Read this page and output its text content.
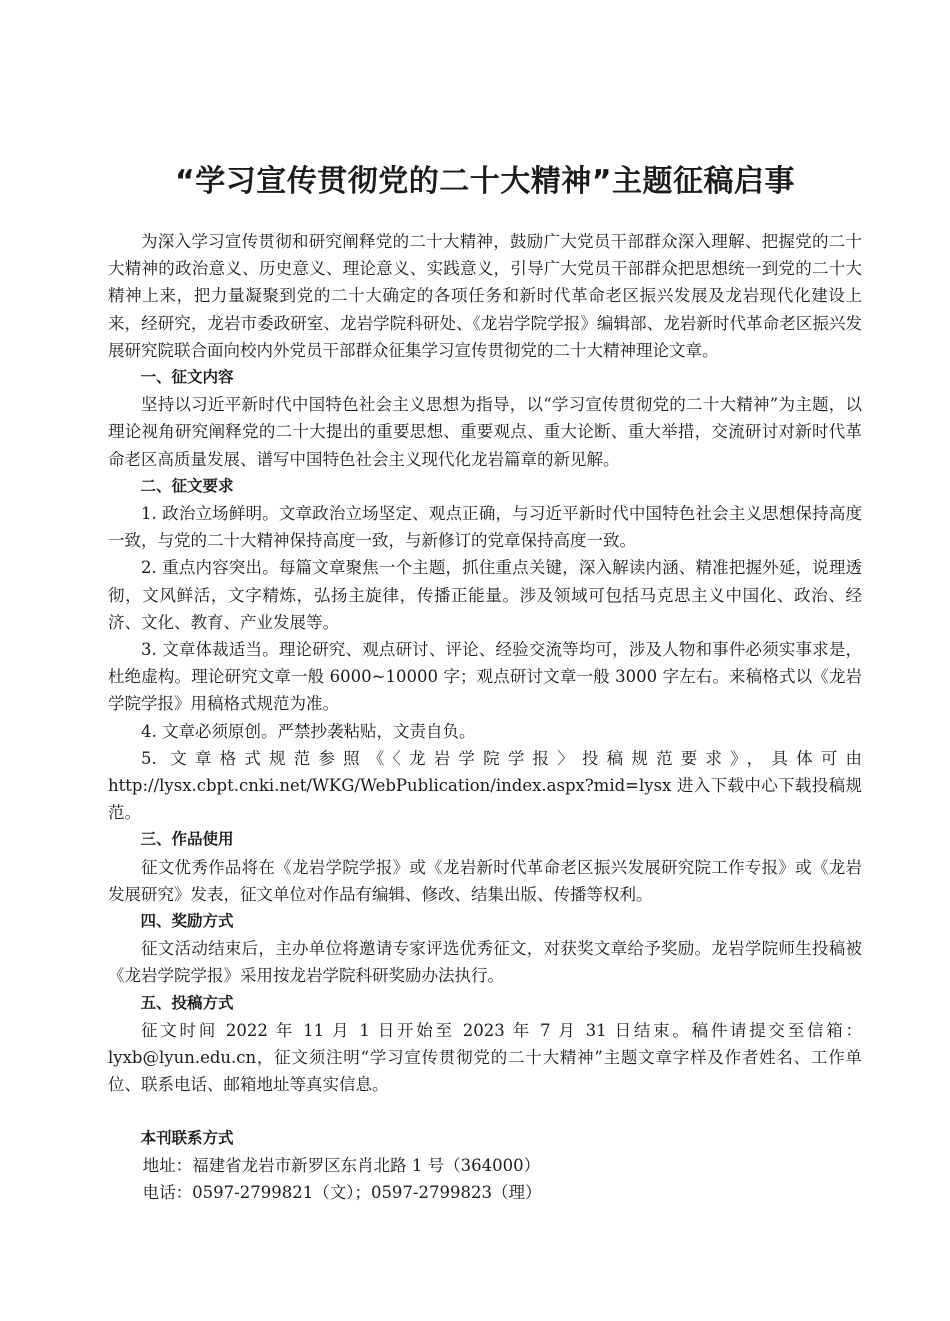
“学习宣传贯彻党的二十大精神”主题征稿启事

为深入学习宣传贯彻和研究阐释党的二十大精神，鼓励广大党员干部群众深入理解、把握党的二十大精神的政治意义、历史意义、理论意义、实践意义，引导广大党员干部群众把思想统一到党的二十大精神上来，把力量凝聚到党的二十大确定的各项任务和新时代革命老区振兴发展及龙岩现代化建设上来，经研究，龙岩市委政研室、龙岩学院科研处、《龙岩学院学报》编辑部、龙岩新时代革命老区振兴发展研究院联合面向校内外党员干部群众征集学习宣传贯彻党的二十大精神理论文章。

一、征文内容

坚持以习近平新时代中国特色社会主义思想为指导，以“学习宣传贯彻党的二十大精神”为主题，以理论视角研究阐释党的二十大提出的重要思想、重要观点、重大论断、重大举措，交流研讨对新时代革命老区高质量发展、谱写中国特色社会主义现代化龙岩篇章的新见解。

二、征文要求

1. 政治立场鲜明。文章政治立场坚定、观点正确，与习近平新时代中国特色社会主义思想保持高度一致，与党的二十大精神保持高度一致，与新修订的党章保持高度一致。

2. 重点内容突出。每篇文章聚焦一个主题，抓住重点关键，深入解读内涵、精准把握外延，说理透彻，文风鲜活，文字精炼，弘扬主旋律，传播正能量。涉及领域可包括马克思主义中国化、政治、经济、文化、教育、产业发展等。

3. 文章体裁适当。理论研究、观点研讨、评论、经验交流等均可，涉及人物和事件必须实事求是，杜绝虚构。理论研究文章一般 6000~10000 字；观点研讨文章一般 3000 字左右。来稿格式以《龙岩学院学报》用稿格式规范为准。

4. 文章必须原创。严禁抄袭粘贴，文责自负。

5. 文章格式规范参照《〈龙岩学院学报〉投稿规范要求》，具体可由 http://lysx.cbpt.cnki.net/WKG/WebPublication/index.aspx?mid=lysx 进入下载中心下载投稿规范。

三、作品使用

征文优秀作品将在《龙岩学院学报》或《龙岩新时代革命老区振兴发展研究院工作专报》或《龙岩发展研究》发表，征文单位对作品有编辑、修改、结集出版、传播等权利。

四、奖励方式

征文活动结束后，主办单位将邀请专家评选优秀征文，对获奖文章给予奖励。龙岩学院师生投稿被《龙岩学院学报》采用按龙岩学院科研奖励办法执行。

五、投稿方式

征文时间 2022 年 11 月 1 日开始至 2023 年 7 月 31 日结束。稿件请提交至信箱：lyxb@lyun.edu.cn，征文须注明“学习宣传贯彻党的二十大精神”主题文章字样及作者姓名、工作单位、联系电话、邮箱地址等真实信息。

本刊联系方式

地址：福建省龙岩市新罗区东肖北路 1 号（364000）

电话：0597-2799821（文）；0597-2799823（理）
